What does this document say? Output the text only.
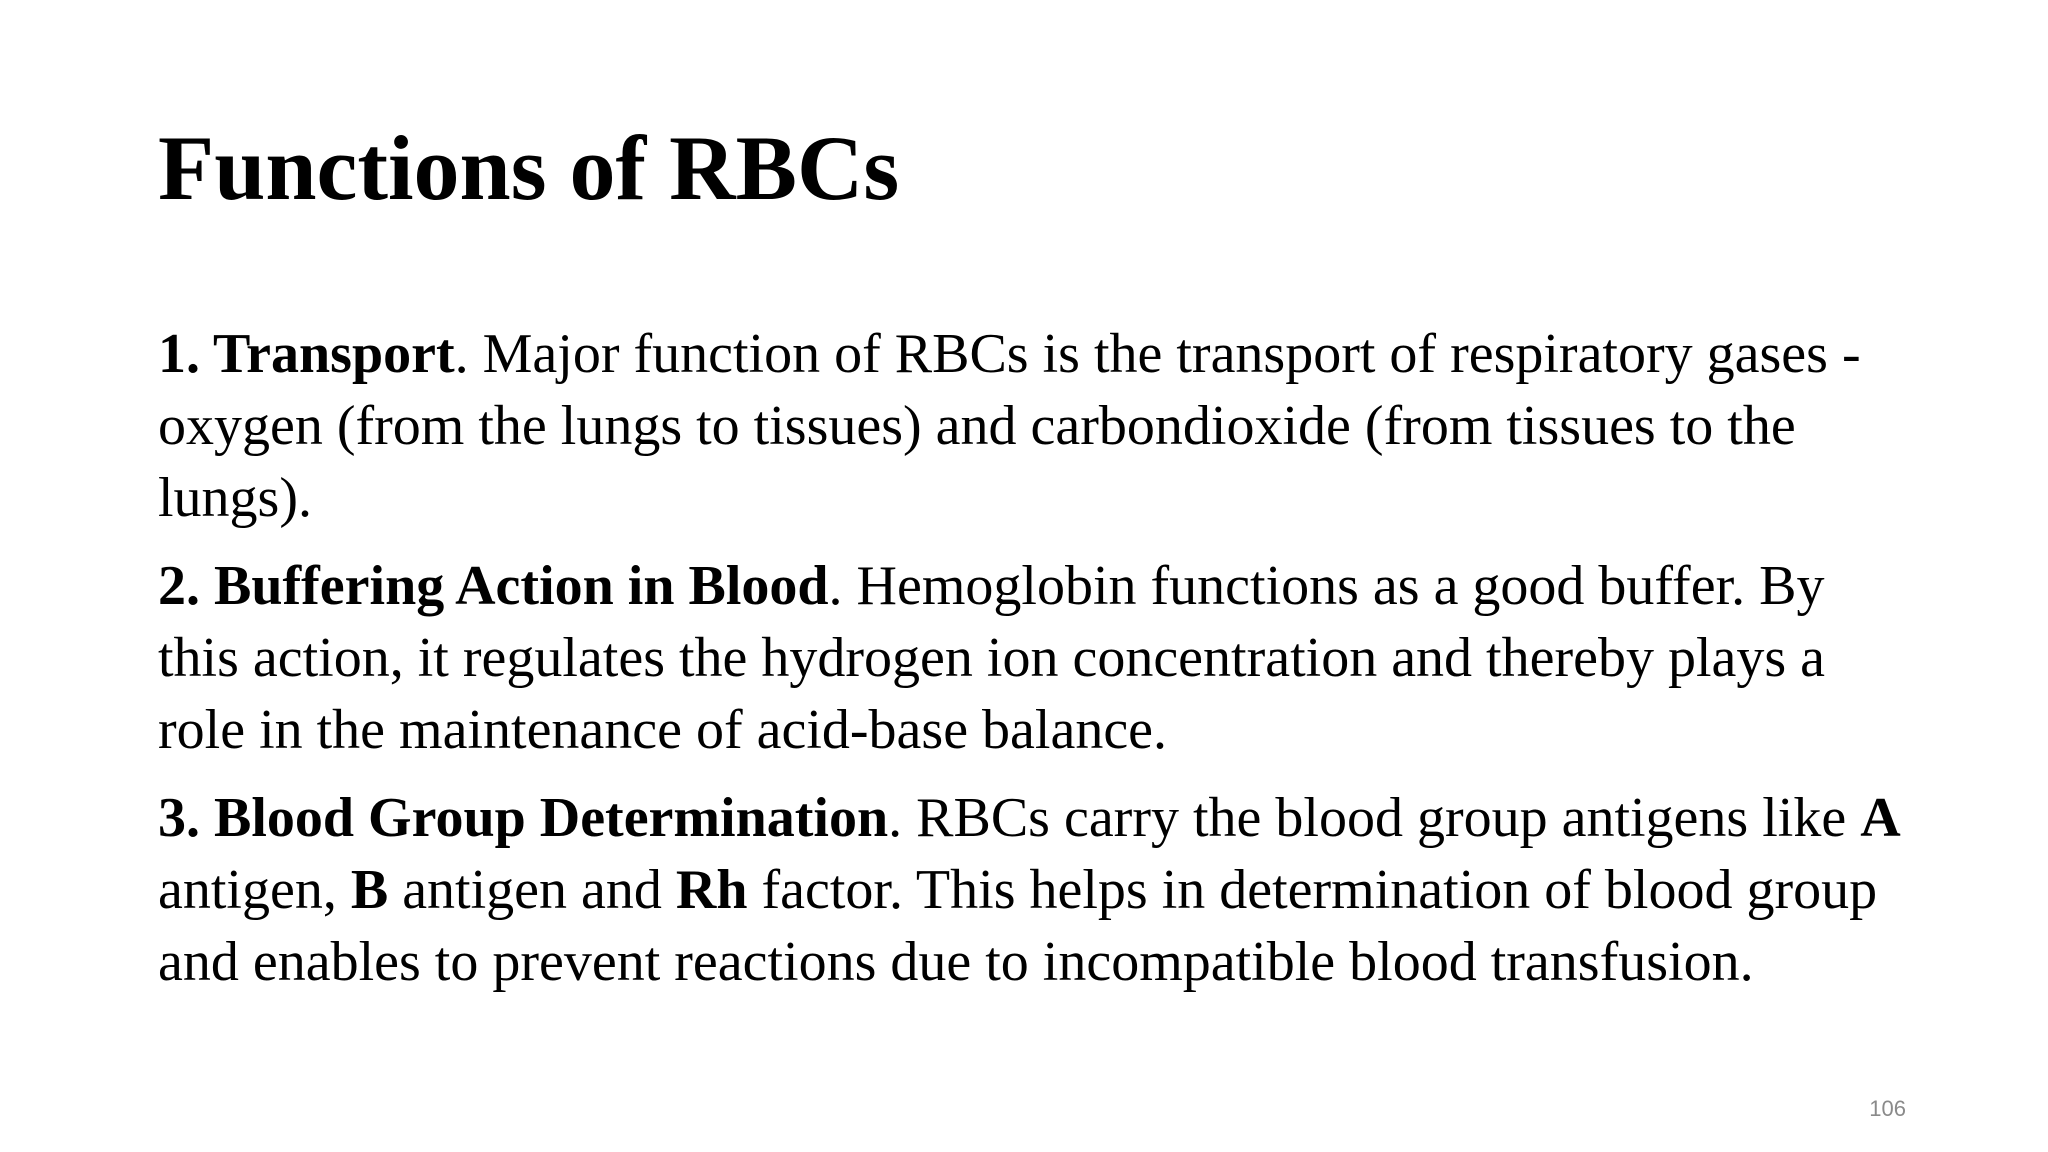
Functions of RBCs

1. Transport. Major function of RBCs is the transport of respiratory gases - oxygen (from the lungs to tissues) and carbondioxide (from tissues to the lungs).

2. Buffering Action in Blood. Hemoglobin functions as a good buffer. By this action, it regulates the hydrogen ion concentration and thereby plays a role in the maintenance of acid-base balance.

3. Blood Group Determination. RBCs carry the blood group antigens like A antigen, B antigen and Rh factor. This helps in determination of blood group and enables to prevent reactions due to incompatible blood transfusion.

106
